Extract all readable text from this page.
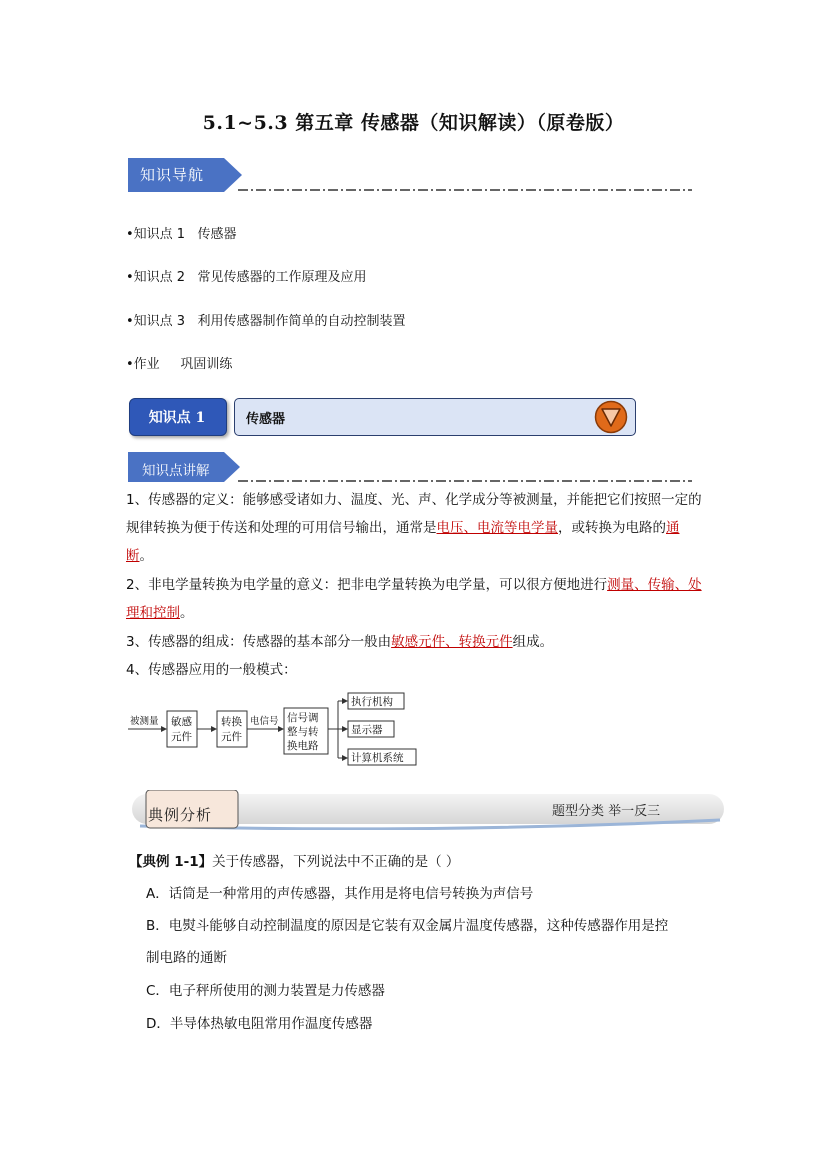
5.1~5.3 第五章 传感器（知识解读）（原卷版）
知识导航
•知识点 1 传感器
•知识点 2 常见传感器的工作原理及应用
•知识点 3 利用传感器制作简单的自动控制装置
•作业 巩固训练
知识点 1	传感器
知识点讲解
1、传感器的定义：能够感受诸如力、温度、光、声、化学成分等被测量，并能把它们按照一定的规律转换为便于传送和处理的可用信号输出，通常是电压、电流等电学量，或转换为电路的通断。
2、非电学量转换为电学量的意义：把非电学量转换为电学量，可以很方便地进行测量、传输、处理和控制。
3、传感器的组成：传感器的基本部分一般由敏感元件、转换元件组成。
4、传感器应用的一般模式：
被测量 敏感
元件
转换
元件
电信号 信号调
整与转
换电路
执行机构
显示器
计算机系统
典例分析	题型分类 举一反三
【典例 1-1】关于传感器，下列说法中不正确的是（ ）
A．话筒是一种常用的声传感器，其作用是将电信号转换为声信号
B．电熨斗能够自动控制温度的原因是它装有双金属片温度传感器，这种传感器作用是控
制电路的通断
C．电子秤所使用的测力装置是力传感器
D．半导体热敏电阻常用作温度传感器
